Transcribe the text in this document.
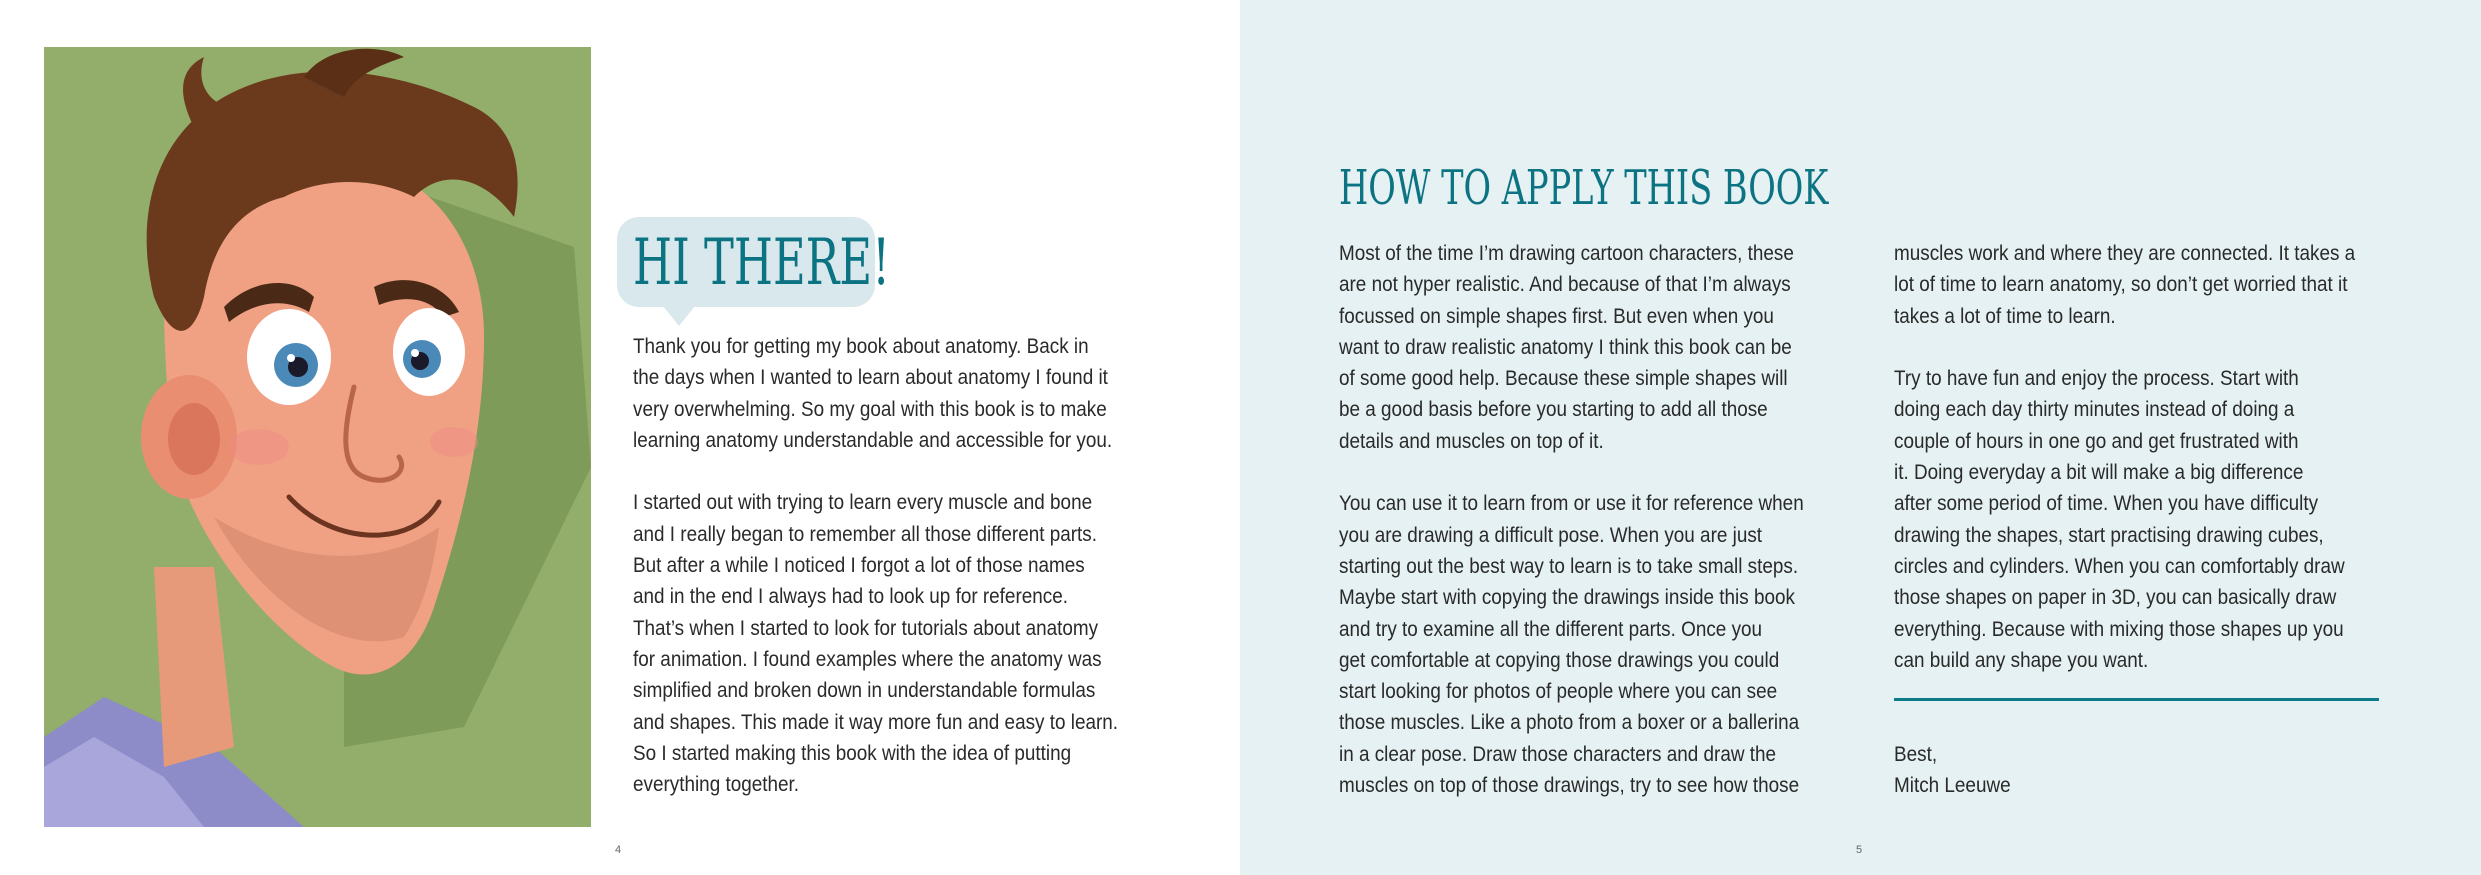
HI THERE!

Thank you for getting my book about anatomy. Back in

the days when I wanted to learn about anatomy I found it

very overwhelming. So my goal with this book is to make

learning anatomy understandable and accessible for you.

I started out with trying to learn every muscle and bone

and I really began to remember all those different parts.

But after a while I noticed I forgot a lot of those names

and in the end I always had to look up for reference.

That’s when I started to look for tutorials about anatomy

for animation. I found examples where the anatomy was

simplified and broken down in understandable formulas

and shapes. This made it way more fun and easy to learn.

So I started making this book with the idea of putting

everything together.

4
HOW TO APPLY THIS BOOK

Most of the time I’m drawing cartoon characters, these

are not hyper realistic. And because of that I’m always

focussed on simple shapes first. But even when you

want to draw realistic anatomy I think this book can be

of some good help. Because these simple shapes will

be a good basis before you starting to add all those

details and muscles on top of it.

You can use it to learn from or use it for reference when

you are drawing a difficult pose. When you are just

starting out the best way to learn is to take small steps.

Maybe start with copying the drawings inside this book

and try to examine all the different parts. Once you

get comfortable at copying those drawings you could

start looking for photos of people where you can see

those muscles. Like a photo from a boxer or a ballerina

in a clear pose. Draw those characters and draw the

muscles on top of those drawings, try to see how those

muscles work and where they are connected. It takes a

lot of time to learn anatomy, so don’t get worried that it

takes a lot of time to learn.

Try to have fun and enjoy the process. Start with

doing each day thirty minutes instead of doing a

couple of hours in one go and get frustrated with

it. Doing everyday a bit will make a big difference

after some period of time. When you have difficulty

drawing the shapes, start practising drawing cubes,

circles and cylinders. When you can comfortably draw

those shapes on paper in 3D, you can basically draw

everything. Because with mixing those shapes up you

can build any shape you want.

Best,

Mitch Leeuwe

5
